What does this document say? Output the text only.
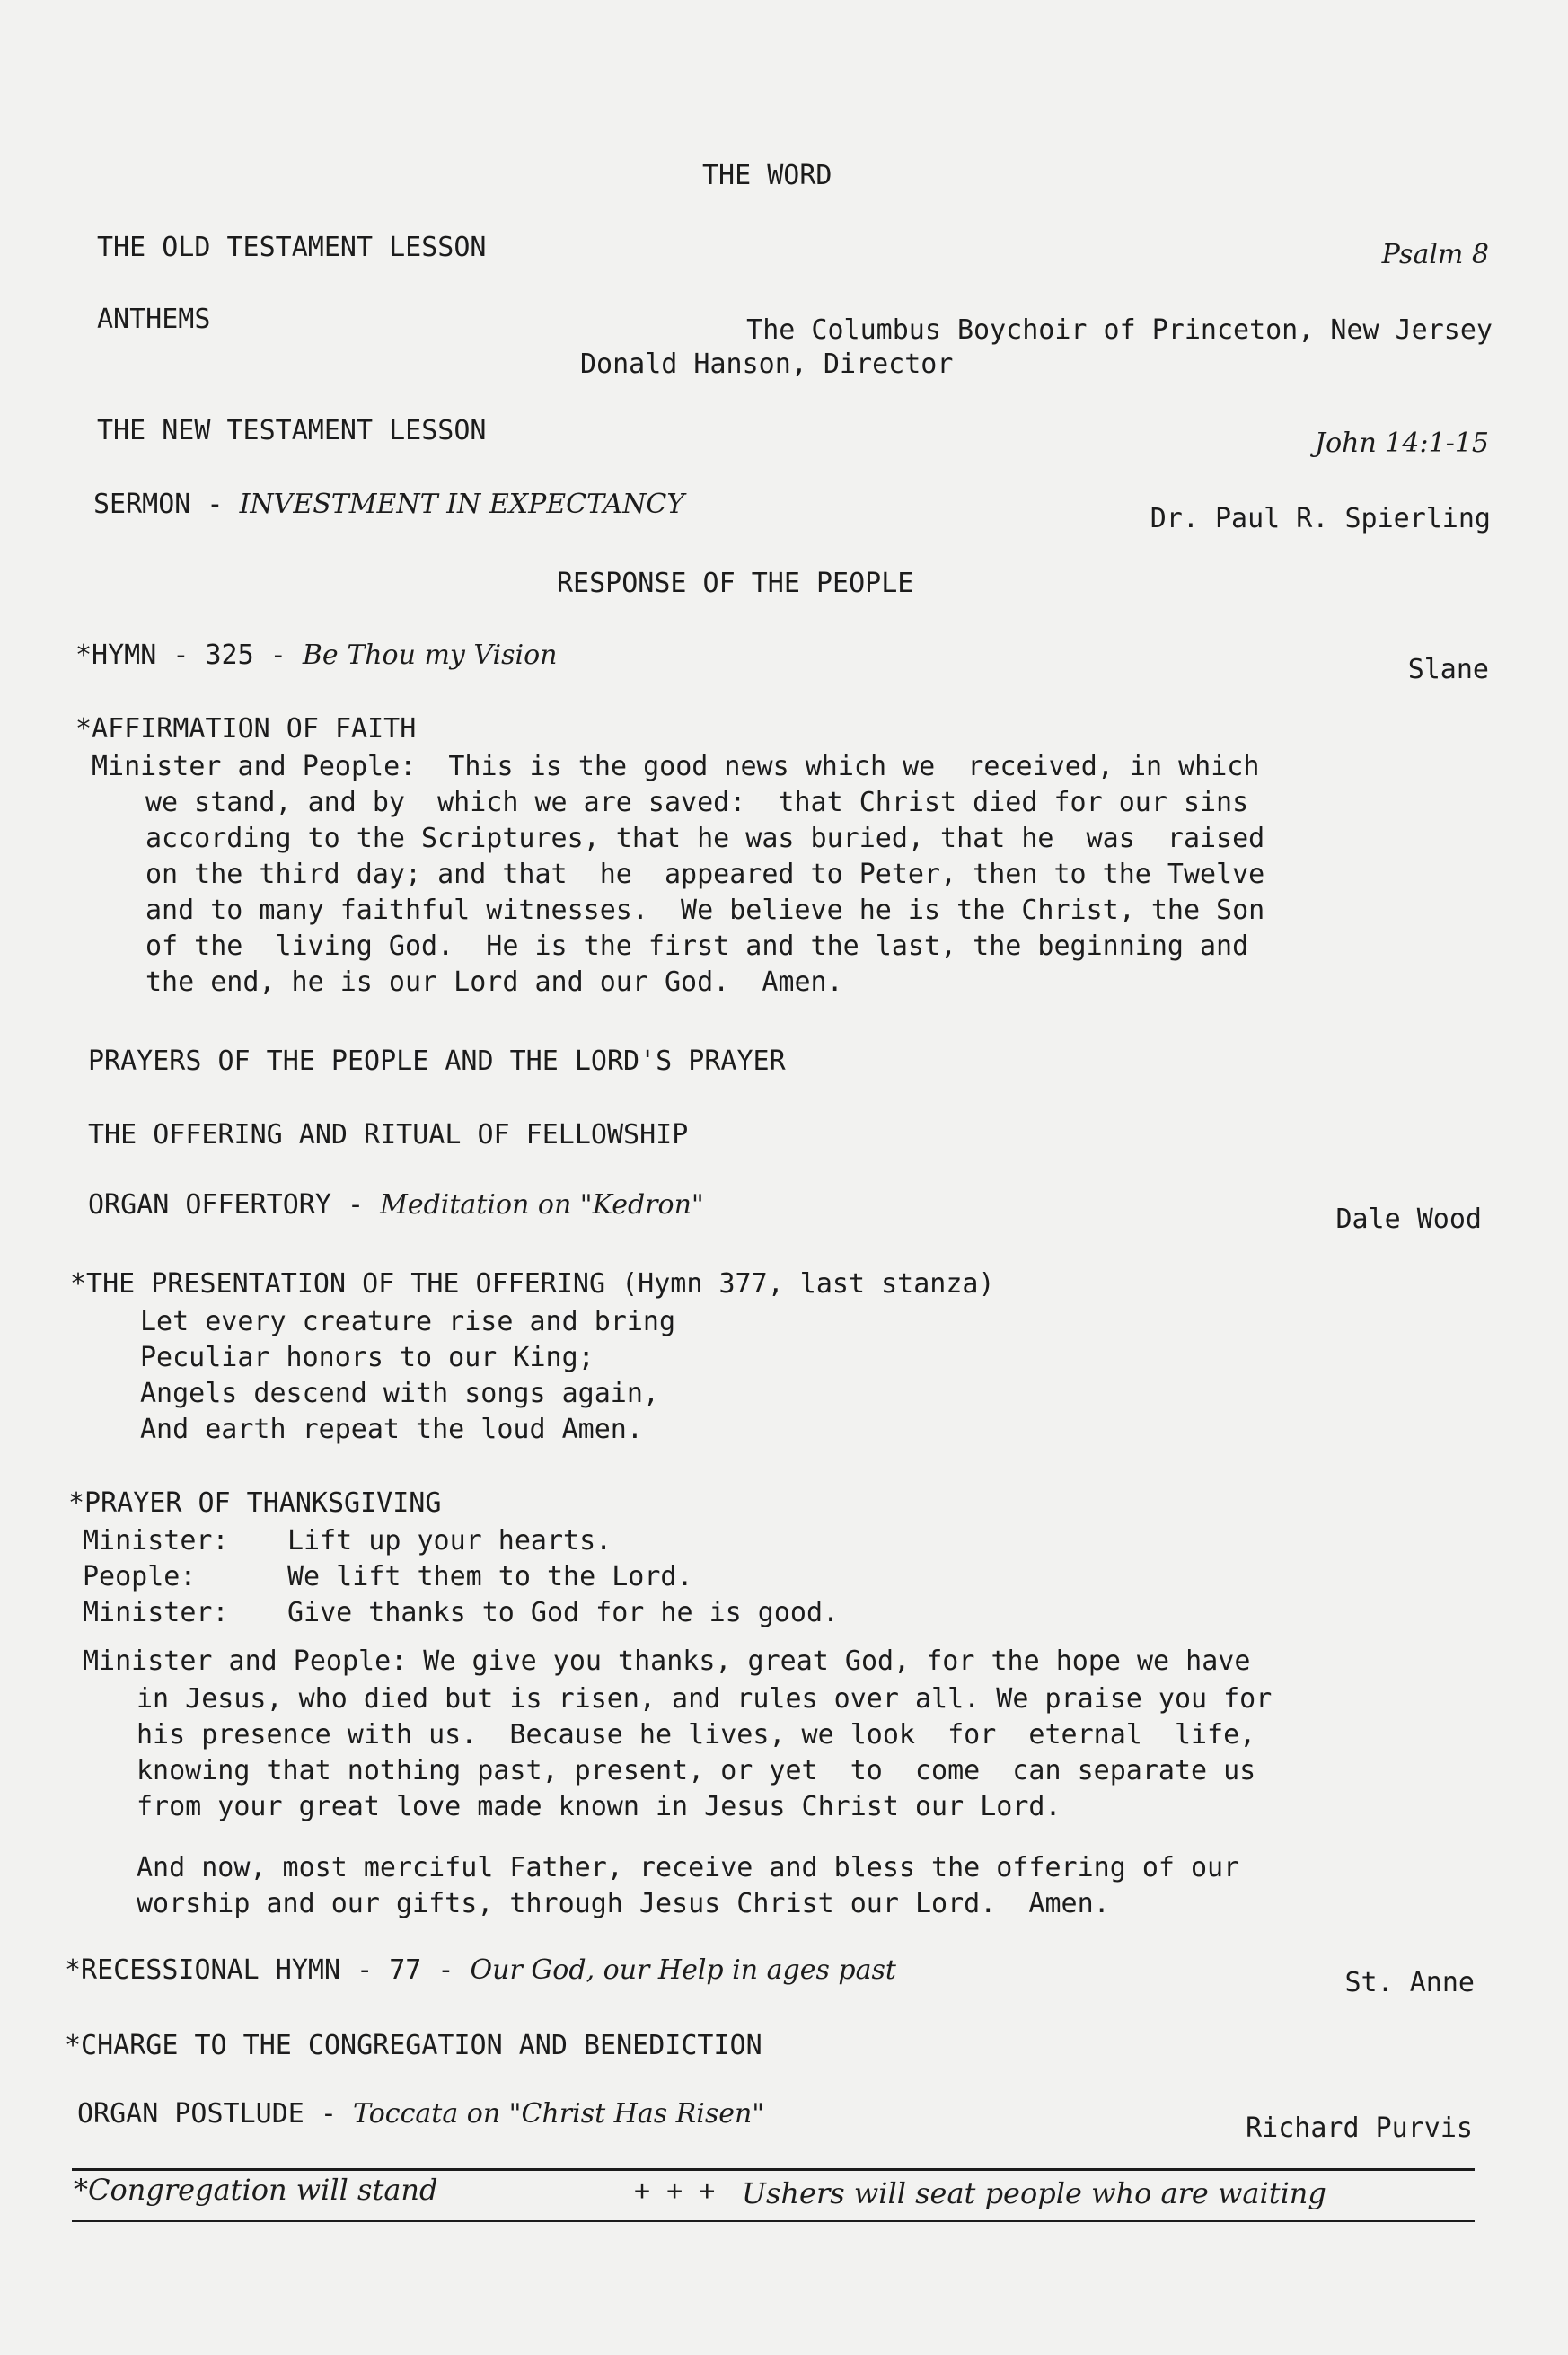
THE WORD
THE OLD TESTAMENT LESSON	Psalm 8
ANTHEMS	The Columbus Boychoir of Princeton, New Jersey
Donald Hanson, Director
THE NEW TESTAMENT LESSON	John 14:1-15
SERMON - INVESTMENT IN EXPECTANCY	Dr. Paul R. Spierling
RESPONSE OF THE PEOPLE
*HYMN - 325 - Be Thou my Vision	Slane
*AFFIRMATION OF FAITH
Minister and People:  This is the good news which we  received, in which
we stand, and by  which we are saved:  that Christ died for our sins
according to the Scriptures, that he was buried, that he  was  raised
on the third day; and that  he  appeared to Peter, then to the Twelve
and to many faithful witnesses.  We believe he is the Christ, the Son
of the  living God.  He is the first and the last, the beginning and
the end, he is our Lord and our God.  Amen.
PRAYERS OF THE PEOPLE AND THE LORD'S PRAYER
THE OFFERING AND RITUAL OF FELLOWSHIP
ORGAN OFFERTORY - Meditation on "Kedron"	Dale Wood
*THE PRESENTATION OF THE OFFERING (Hymn 377, last stanza)
Let every creature rise and bring
Peculiar honors to our King;
Angels descend with songs again,
And earth repeat the loud Amen.
*PRAYER OF THANKSGIVING
Minister: Lift up your hearts.
People:	We lift them to the Lord.
Minister: Give thanks to God for he is good.
Minister and People: We give you thanks, great God, for the hope we have
in Jesus, who died but is risen, and rules over all. We praise you for
his presence with us.  Because he lives, we look  for  eternal  life,
knowing that nothing past, present, or yet  to  come  can separate us
from your great love made known in Jesus Christ our Lord.
And now, most merciful Father, receive and bless the offering of our
worship and our gifts, through Jesus Christ our Lord.  Amen.
*RECESSIONAL HYMN - 77 - Our God, our Help in ages past	St. Anne
*CHARGE TO THE CONGREGATION AND BENEDICTION
ORGAN POSTLUDE - Toccata on "Christ Has Risen"	Richard Purvis
*Congregation will stand	+ + + Ushers will seat people who are waiting
